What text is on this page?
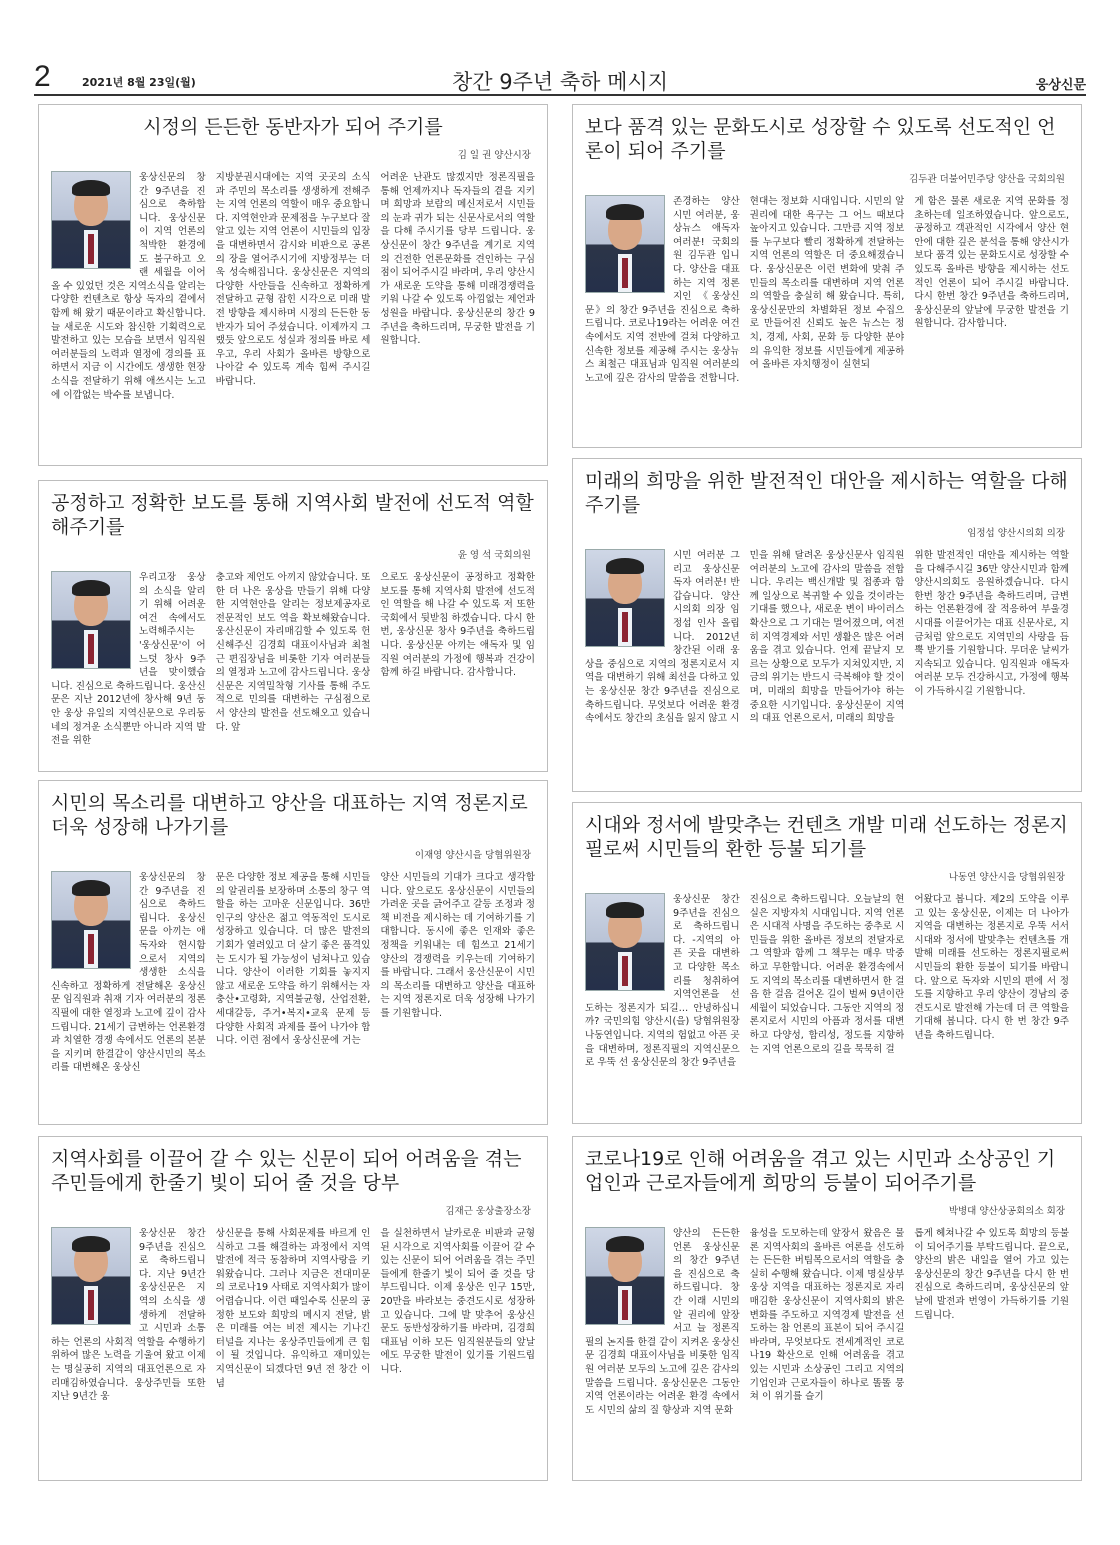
2	2021년 8월 23일(월)	창간 9주년 축하 메시지	웅상신문
시정의 든든한 동반자가 되어 주기를
김 일 권 양산시장

웅상신문의 창간 9주년을 진심으로 축하합니다. 웅상신문이 지역 언론의 척박한 환경에도 불구하고 오랜 세월을 이어올 수 있었던 것은 지역소식을 알리는 다양한 컨텐츠로 항상 독자의 곁에서 함께 해 왔기 때문이라고 확신합니다. 늘 새로운 시도와 참신한 기획력으로 발전하고 있는 모습을 보면서 임직원 여러분들의 노력과 열정에 경의를 표하면서 지금 이 시간에도 생생한 현장소식을 전달하기 위해 애쓰시는 노고에 이깝없는 박수를 보냅니다.

지방분권시대에는 지역 곳곳의 소식과 주민의 목소리를 생생하게 전해주는 지역 언론의 역할이 매우 중요합니다. 지역현안과 문제점을 누구보다 잘 알고 있는 지역 언론이 시민들의 입장을 대변하면서 감시와 비판으로 공론의 장을 열어주시기에 지방정부는 더욱 성숙해집니다. 웅상신문은 지역의 다양한 사안들을 신속하고 정확하게 전달하고 균형 잡힌 시각으로 미래 발전 방향을 제시하며 시정의 든든한 동반자가 되어 주셨습니다. 이제까지 그랬듯 앞으로도 성실과 정의를 바로 세우고, 우리 사회가 올바른 방향으로 나아갈 수 있도록 계속 힘써 주시길 바랍니다.

어려운 난관도 많겠지만 정론직필을 통해 언제까지나 독자들의 곁을 지키며 희망과 보람의 메신저로서 시민들의 눈과 귀가 되는 신문사로서의 역할을 다해 주시기를 당부 드립니다. 웅상신문이 창간 9주년을 계기로 지역의 건전한 언론문화를 견인하는 구심점이 되어주시길 바라며, 우리 양산시가 새로운 도약을 통해 미래경쟁력을 키워 나갈 수 있도록 아낌없는 제언과 성원을 바랍니다. 웅상신문의 창간 9주년을 축하드리며, 무궁한 발전을 기원합니다.

보다 품격 있는 문화도시로 성장할 수 있도록 선도적인 언론이 되어 주기를
김두관 더불어민주당 양산을 국회의원

존경하는 양산 시민 여러분, 웅상뉴스 애독자 여러분! 국회의원 김두관 입니다. 양산을 대표하는 지역 정론지인 《웅상신문》의 창간 9주년을 진심으로 축하드립니다. 코로나19라는 어려운 여건 속에서도 지역 전반에 걸쳐 다양하고 신속한 정보를 제공해 주시는 웅상뉴스 최철근 대표님과 임직원 여러분의 노고에 깊은 감사의 말씀을 전합니다.

현대는 정보화 시대입니다. 시민의 알 권리에 대한 욕구는 그 어느 때보다 높아지고 있습니다. 그만큼 지역 정보를 누구보다 빨리 정확하게 전달하는 지역 언론의 역할은 더 중요해졌습니다. 웅상신문은 이런 변화에 맞춰 주민들의 목소리를 대변하며 지역 언론의 역할을 충실히 해 왔습니다. 특히, 웅상신문만의 차별화된 정보 수집으로 만들어진 신뢰도 높은 뉴스는 정치, 경제, 사회, 문화 등 다양한 분야의 유익한 정보를 시민들에게 제공하여 올바른 자치행정이 실현되

게 함은 물론 새로운 지역 문화를 정초하는데 일조하였습니다. 앞으로도, 공정하고 객관적인 시각에서 양산 현안에 대한 깊은 분석을 통해 양산시가 보다 품격 있는 문화도시로 성장할 수 있도록 올바른 방향을 제시하는 선도적인 언론이 되어 주시길 바랍니다. 다시 한번 창간 9주년을 축하드리며, 웅상신문의 앞날에 무궁한 발전을 기원합니다. 감사합니다.

공정하고 정확한 보도를 통해 지역사회 발전에 선도적 역할 해주기를
윤 영 석 국회의원

우리고장 웅상의 소식을 알리기 위해 어려운 여건 속에서도 노력해주시는 '웅상신문'이 어느덧 창사 9주년을 맞이했습니다. 진심으로 축하드립니다. 웅산신문은 지난 2012년에 창사해 9년 동안 웅상 유일의 지역신문으로 우리동네의 정겨운 소식뿐만 아니라 지역 발전을 위한

충고와 제언도 아끼지 않았습니다. 또한 더 나은 웅상을 만들기 위해 다양한 지역현안을 알리는 정보제공자로 전문적인 보도 역을 확보해왔습니다. 웅산신문이 자리매김할 수 있도록 헌신해주신 김경희 대표이사님과 최철근 편집장님을 비롯한 기자 여러분들의 열정과 노고에 감사드립니다. 웅상신문은 지역밀착형 기사를 통해 주도적으로 민의를 대변하는 구심점으로서 양산의 발전을 선도해오고 있습니다. 앞

으로도 웅상신문이 공정하고 정확한 보도를 통해 지역사회 발전에 선도적인 역할을 해 나갈 수 있도록 저 또한 국회에서 뒷받침 하겠습니다. 다시 한 번, 웅상신문 창사 9주년을 축하드립니다. 웅상신문 아끼는 애독자 및 임직원 여러분의 가정에 행복과 건강이 함께 하길 바랍니다. 감사합니다.

미래의 희망을 위한 발전적인 대안을 제시하는 역할을 다해주기를
임정섭 양산시의회 의장

시민 여러분 그리고 웅상신문 독자 여러분! 반갑습니다. 양산시의회 의장 임정섭 인사 올립니다. 2012년 창간된 이래 웅상을 중심으로 지역의 정론지로서 지역을 대변하기 위해 최선을 다하고 있는 웅상신문 창간 9주년을 진심으로 축하드립니다. 무엇보다 어려운 환경 속에서도 창간의 초심을 잃지 않고 시

민을 위해 달려온 웅상신문사 임직원 여러분의 노고에 감사의 말씀을 전합니다. 우리는 백신개발 및 접종과 함께 일상으로 복귀할 수 있을 것이라는 기대를 했으나, 새로운 변이 바이러스 확산으로 그 기대는 멀어졌으며, 여전히 지역경제와 서민 생활은 많은 어려움을 겪고 있습니다. 언제 끝날지 모르는 상황으로 모두가 지쳐있지만, 지금의 위기는 반드시 극복해야 할 것이며, 미래의 희망을 만들어가야 하는 중요한 시기입니다. 웅상신문이 지역의 대표 언론으로서, 미래의 희망을

위한 발전적인 대안을 제시하는 역할을 다해주시길 36만 양산시민과 함께 양산시의회도 응원하겠습니다. 다시 한번 창간 9주년을 축하드리며, 급변하는 언론환경에 잘 적응하여 부울경시대를 이끌어가는 대표 신문사로, 지금처럼 앞으로도 지역민의 사랑을 듬뿍 받기를 기원합니다. 무더운 날씨가 지속되고 있습니다. 임직원과 애독자 여러분 모두 건강하시고, 가정에 행복이 가득하시길 기원합니다.

시민의 목소리를 대변하고 양산을 대표하는 지역 정론지로 더욱 성장해 나가기를
이재영 양산시을 당협위원장

웅상신문의 창간 9주년을 진심으로 축하드립니다. 웅상신문을 아끼는 애독자와 현시함으로서 지역의 생생한 소식을 신속하고 정확하게 전달해온 웅상신문 임직원과 취재 기자 여러분의 정론직필에 대한 열정과 노고에 깊이 감사드립니다. 21세기 급변하는 언론환경과 치열한 경쟁 속에서도 언론의 본분을 지키며 한결같이 양산시민의 목소리를 대변해온 웅상신

문은 다양한 정보 제공을 통해 시민들의 알권리를 보장하며 소통의 창구 역할을 하는 고마운 신문입니다. 36만 인구의 양산은 젊고 역동적인 도시로 성장하고 있습니다. 더 많은 발전의 기회가 열려있고 더 살기 좋은 품격있는 도시가 될 가능성이 넘쳐나고 있습니다. 양산이 이러한 기회를 놓지지 않고 새로운 도약을 하기 위해서는 자충산•고령화, 지역불균형, 산업전환, 세대갈등, 주거•복지•교육 문제 등 다양한 사회적 과제를 풀어 나가야 합니다. 이런 점에서 웅상신문에 거는

양산 시민들의 기대가 크다고 생각합니다. 앞으로도 웅상신문이 시민들의 가려운 곳을 긁어주고 갈등 조정과 정책 비전을 제시하는 데 기여하기를 기대합니다. 동시에 좋은 인재와 좋은 정책을 키워내는 데 힘쓰고 21세기 양산의 경쟁력을 키우는데 기여하기를 바랍니다. 그래서 웅산신문이 시민의 목소리를 대변하고 양산을 대표하는 지역 정론지로 더욱 성장해 나가기를 기원합니다.

시대와 정서에 발맞추는 컨텐츠 개발 미래 선도하는 정론지필로써 시민들의 환한 등불 되기를
나동연 양산시을 당협위원장

웅상신문 창간 9주년을 진심으로 축하드립니다. -지역의 아픈 곳을 대변하고 다양한 목소리를 청취하여 지역언론을 선도하는 정론지가 되길… 안녕하십니까? 국민의힘 양산시(을) 당협위원장 나동연입니다. 지역의 험없고 아픈 곳을 대변하며, 정론직필의 지역신문으로 우뚝 선 웅상신문의 창간 9주년을

진심으로 축하드립니다. 오늘날의 현실은 지방자치 시대입니다. 지역 언론은 시대적 사명을 주도하는 중추로 시민들을 위한 올바른 정보의 전달자로 그 역할과 함께 그 책무는 매우 막중하고 무한합니다. 어려운 환경속에서도 지역의 목소리를 대변하면서 한 걸음 한 걸음 걸어온 길이 벌써 9년이란 세월이 되었습니다. 그동안 지역의 정론지로서 시민의 아픔과 정서를 대변하고 다양성, 합리성, 정도를 지향하는 지역 언론으로의 길을 묵묵히 걸

어왔다고 봅니다. 제2의 도약을 이루고 있는 웅상신문, 이제는 더 나아가 지역을 대변하는 정론지로 우뚝 서서 시대와 정서에 발맞추는 컨텐츠를 개발해 미래를 선도하는 정론지필로써 시민들의 환한 등불이 되기를 바랍니다. 앞으로 독자와 시민의 편에 서 정도를 지향하고 우리 양산이 경남의 중견도시로 발전해 가는데 더 큰 역할을 기대해 봅니다. 다시 한 번 창간 9주년을 축하드립니다.

지역사회를 이끌어 갈 수 있는 신문이 되어 어려움을 겪는 주민들에게 한줄기 빛이 되어 줄 것을 당부
김재근 웅상출장소장

웅상신문 창간 9주년을 진심으로 축하드립니다. 지난 9년간 웅상신문은 지역의 소식을 생생하게 전달하고 시민과 소통하는 언론의 사회적 역할을 수행하기 위하여 많은 노력을 기울여 왔고 이제는 명실공히 지역의 대표언론으로 자리매김하였습니다. 웅상주민들 또한 지난 9년간 웅

상신문을 통해 사회문제를 바르게 인식하고 그를 해결하는 과정에서 지역발전에 적극 동참하며 지역사랑을 키워왔습니다. 그러나 지금은 전대미문의 코로나19 사태로 지역사회가 많이 어렵습니다. 이런 때일수록 신문의 공정한 보도와 희망의 메시지 전달, 밝은 미래를 여는 비전 제시는 기나긴 터널을 지나는 웅상주민들에게 큰 힘이 될 것입니다. 유익하고 재미있는 지역신문이 되겠다던 9년 전 창간 이념

을 실천하면서 날카로운 비판과 균형된 시각으로 지역사회를 이끌어 갈 수 있는 신문이 되어 어려움을 겪는 주민들에게 한줄기 빛이 되어 줄 것을 당부드립니다. 이제 웅상은 인구 15만, 20만을 바라보는 중견도시로 성장하고 있습니다. 그에 발 맞추어 웅상신문도 동반성장하기를 바라며, 김경희 대표님 이하 모든 임직원분들의 앞날에도 무궁한 발전이 있기를 기원드립니다.

코로나19로 인해 어려움을 겪고 있는 시민과 소상공인 기업인과 근로자들에게 희망의 등불이 되어주기를
박병대 양산상공회의소 회장

양산의 든든한 언론 웅상신문의 창간 9주년을 진심으로 축하드립니다. 창간 이래 시민의 알 권리에 앞장서고 늘 정론직필의 논지를 한결 같이 지켜온 웅상신문 김경희 대표이사님을 비롯한 임직원 여러분 모두의 노고에 깊은 감사의 말씀을 드립니다. 웅상신문은 그동안 지역 언론이라는 어려운 환경 속에서도 시민의 삶의 질 향상과 지역 문화

융성을 도모하는데 앞장서 왔음은 물론 지역사회의 올바른 여론을 선도하는 든든한 버팀목으로서의 역할을 충실히 수행해 왔습니다. 이제 명실상부 웅상 지역을 대표하는 정론지로 자리매김한 웅상신문이 지역사회의 밝은 변화를 주도하고 지역경제 발전을 선도하는 참 언론의 표본이 되어 주시길 바라며, 무엇보다도 전세계적인 코로나19 확산으로 인해 어려움을 겪고 있는 시민과 소상공인 그리고 지역의 기업인과 근로자들이 하나로 똘똘 뭉쳐 이 위기를 슬기

롭게 헤쳐나갈 수 있도록 희망의 등불이 되어주기를 부탁드립니다. 끝으로, 양산의 밝은 내일을 열어 가고 있는 웅상신문의 창간 9주년을 다시 한 번 진심으로 축하드리며, 웅상신문의 앞날에 발전과 번영이 가득하기를 기원 드립니다.
